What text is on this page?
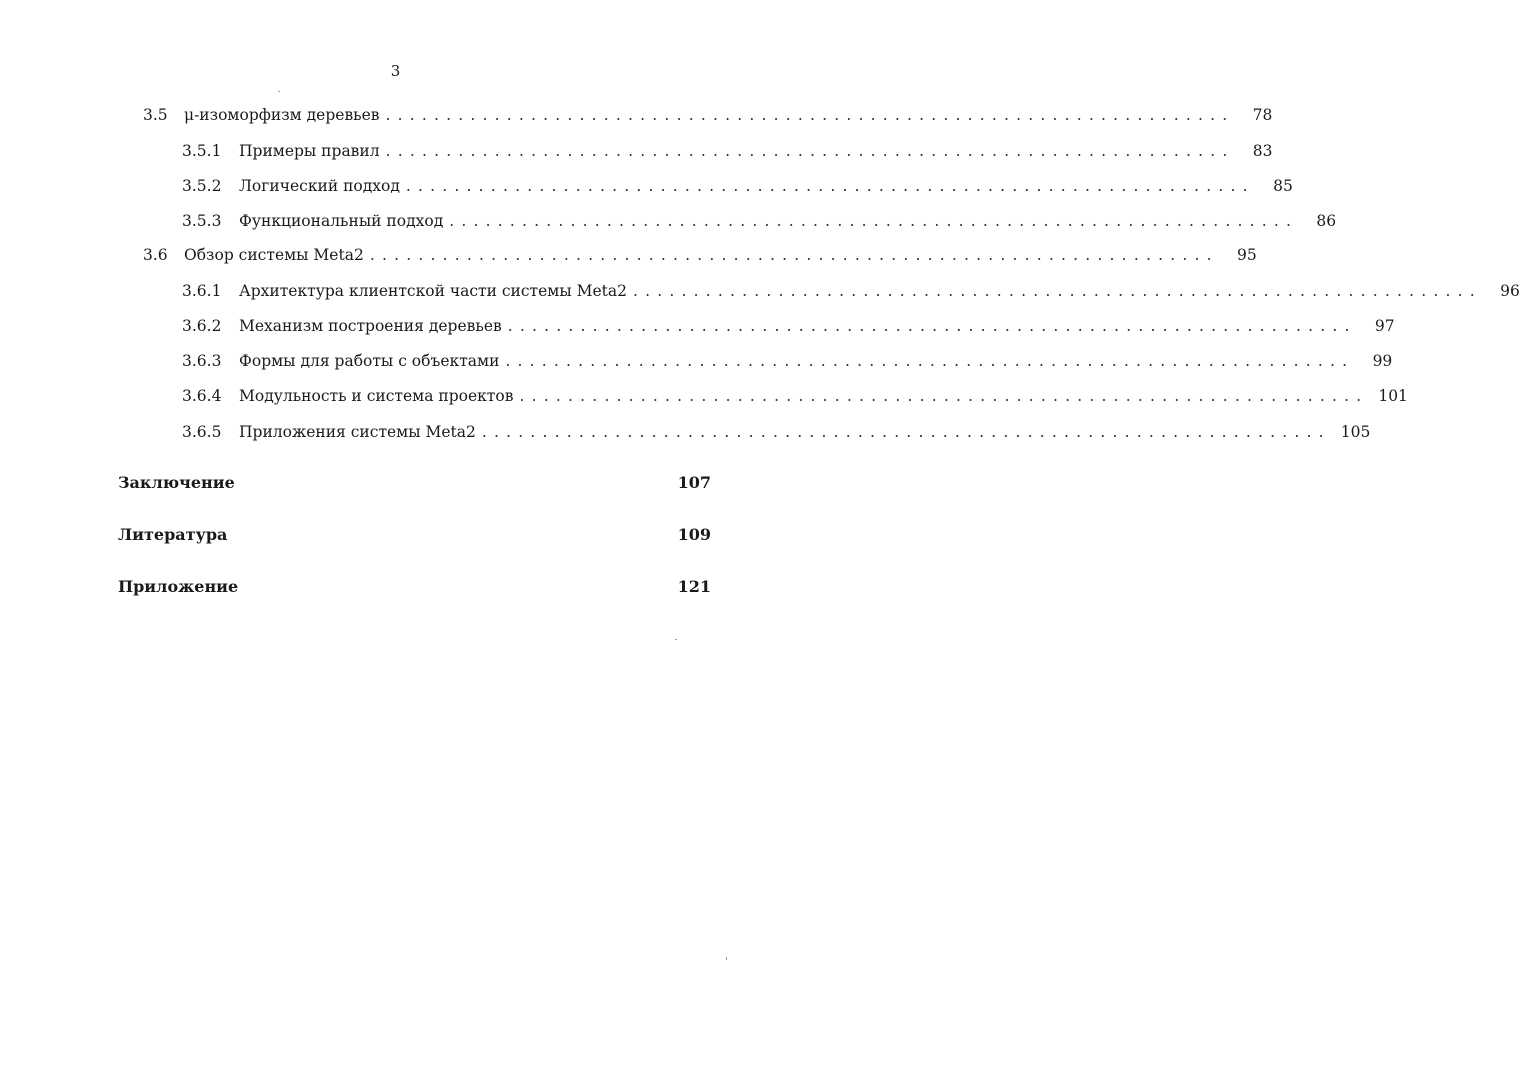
3
3.5	μ-изоморфизм деревьев ......................................................................	78
3.5.1	Примеры правил ......................................................................	83
3.5.2	Логический подход ......................................................................	85
3.5.3	Функциональный подход ......................................................................	86
3.6	Обзор системы Meta2 ......................................................................	95
3.6.1	Архитектура клиентской части системы Meta2 ......................................................................	96
3.6.2	Механизм построения деревьев ......................................................................	97
3.6.3	Формы для работы с объектами ......................................................................	99
3.6.4	Модульность и система проектов ...................................................................... 101
3.6.5	Приложения системы Meta2 ...................................................................... 105
Заключение	107
Литература	109
Приложение	121
